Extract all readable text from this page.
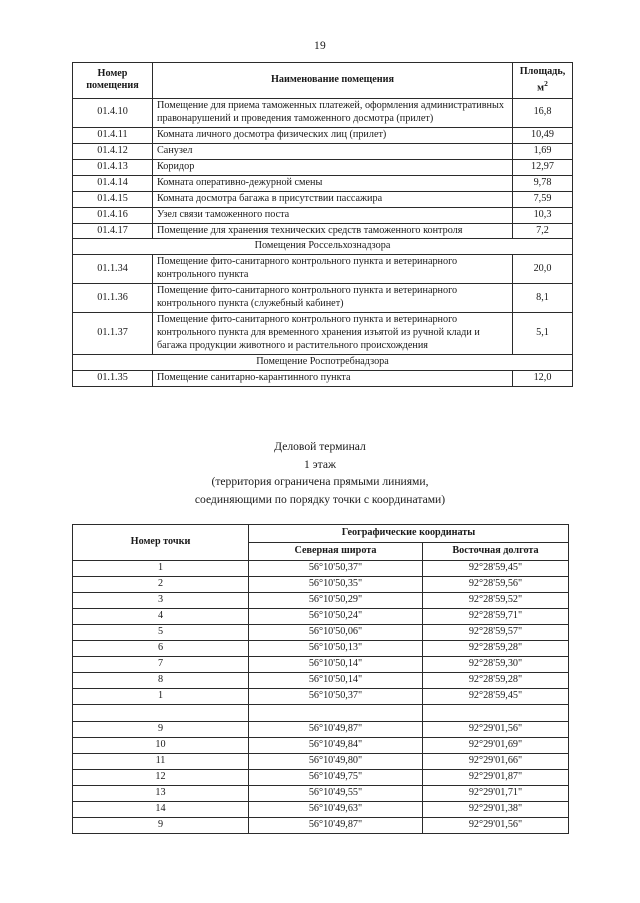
19
Номер
помещения	Наименование помещения	Площадь,
$м^2$
01.4.10	Помещение для приема таможенных платежей, оформления административных правонарушений и проведения таможенного досмотра (прилет)	16,8
01.4.11	Комната личного досмотра физических лиц (прилет)	10,49
01.4.12	Санузел	1,69
01.4.13	Коридор	12,97
01.4.14	Комната оперативно-дежурной смены	9,78
01.4.15	Комната досмотра багажа в присутствии пассажира	7,59
01.4.16	Узел связи таможенного поста	10,3
01.4.17	Помещение для хранения технических средств таможенного контроля	7,2
Помещения Россельхознадзора		
01.1.34	Помещение фито-санитарного контрольного пункта и ветеринарного контрольного пункта	20,0
01.1.36	Помещение фито-санитарного контрольного пункта и ветеринарного контрольного пункта (служебный кабинет)	8,1
01.1.37	Помещение фито-санитарного контрольного пункта и ветеринарного контрольного пункта для временного хранения изъятой из ручной клади и багажа продукции животного и растительного происхождения	5,1
Помещение Роспотребнадзора		
01.1.35	Помещение санитарно-карантинного пункта	12,0
Деловой терминал
1 этаж
(территория ограничена прямыми линиями,
соединяющими по порядку точки с координатами)
Номер точки	Географические координаты	
	Северная широта	Восточная долгота
1	56°10'50,37"	92°28'59,45"
2	56°10'50,35"	92°28'59,56"
3	56°10'50,29"	92°28'59,52"
4	56°10'50,24"	92°28'59,71"
5	56°10'50,06"	92°28'59,57"
6	56°10'50,13"	92°28'59,28"
7	56°10'50,14"	92°28'59,30"
8	56°10'50,14"	92°28'59,28"
1	56°10'50,37"	92°28'59,45"

9	56°10'49,87"	92°29'01,56"
10	56°10'49,84"	92°29'01,69"
11	56°10'49,80"	92°29'01,66"
12	56°10'49,75"	92°29'01,87"
13	56°10'49,55"	92°29'01,71"
14	56°10'49,63"	92°29'01,38"
9	56°10'49,87"	92°29'01,56"
